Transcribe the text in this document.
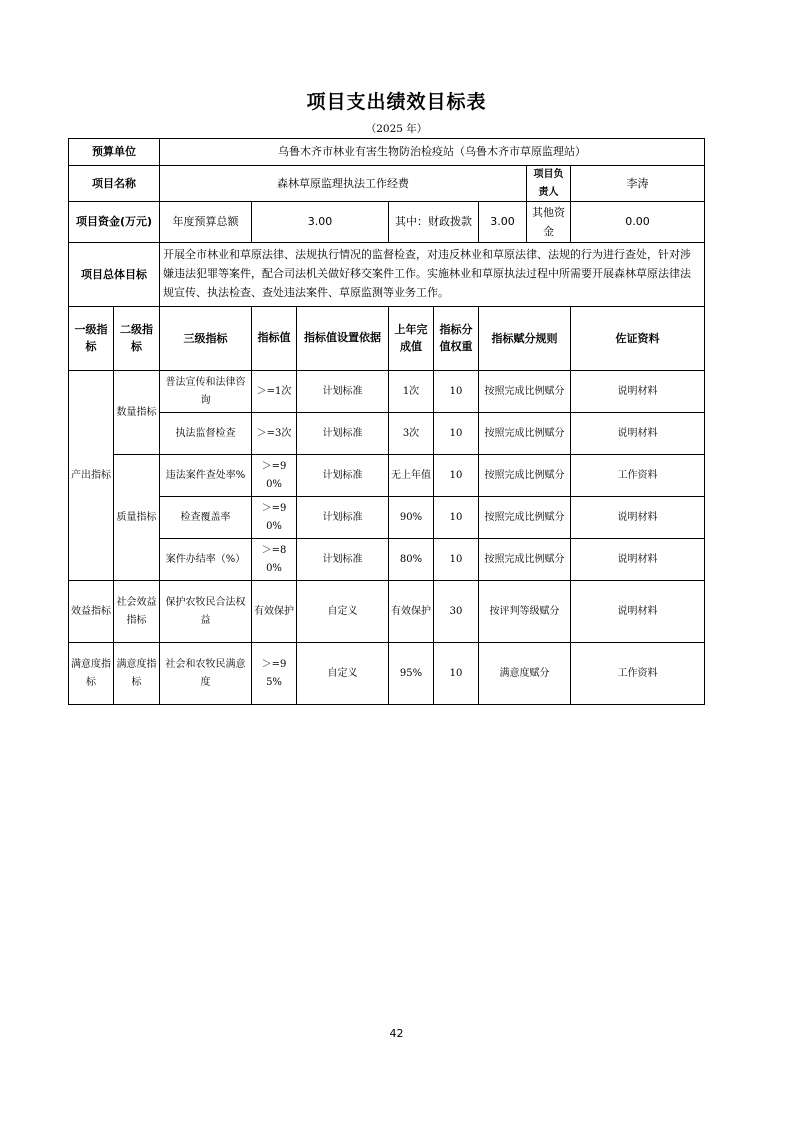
项目支出绩效目标表
（2025 年）
预算单位		乌鲁木齐市林业有害生物防治检疫站（乌鲁木齐市草原监理站）							
项目名称		森林草原监理执法工作经费						项目负责人	李涛
项目资金(万元)		年度预算总额	3.00		其中：财政拨款		3.00	其他资金	0.00
项目总体目标		开展全市林业和草原法律、法规执行情况的监督检查，对违反林业和草原法律、法规的行为进行查处，针对涉嫌违法犯罪等案件，配合司法机关做好移交案件工作。实施林业和草原执法过程中所需要开展森林草原法律法规宣传、执法检查、查处违法案件、草原监测等业务工作。							
一级指标	二级指标	三级指标	指标值	指标值设置依据	上年完成值	指标分值权重	指标赋分规则		佐证资料
产出指标	数量指标	普法宣传和法律咨询	＞=1次	计划标准	1次	10	按照完成比例赋分		说明材料
		执法监督检查	＞=3次	计划标准	3次	10	按照完成比例赋分		说明材料
	质量指标	违法案件查处率%	＞=90%	计划标准	无上年值	10	按照完成比例赋分		工作资料
		检查覆盖率	＞=90%	计划标准	90%	10	按照完成比例赋分		说明材料
		案件办结率（%）	＞=80%	计划标准	80%	10	按照完成比例赋分		说明材料
效益指标	社会效益指标	保护农牧民合法权益	有效保护	自定义	有效保护	30	按评判等级赋分		说明材料
满意度指标	满意度指标	社会和农牧民满意度	＞=95%	自定义	95%	10	满意度赋分		工作资料
42
